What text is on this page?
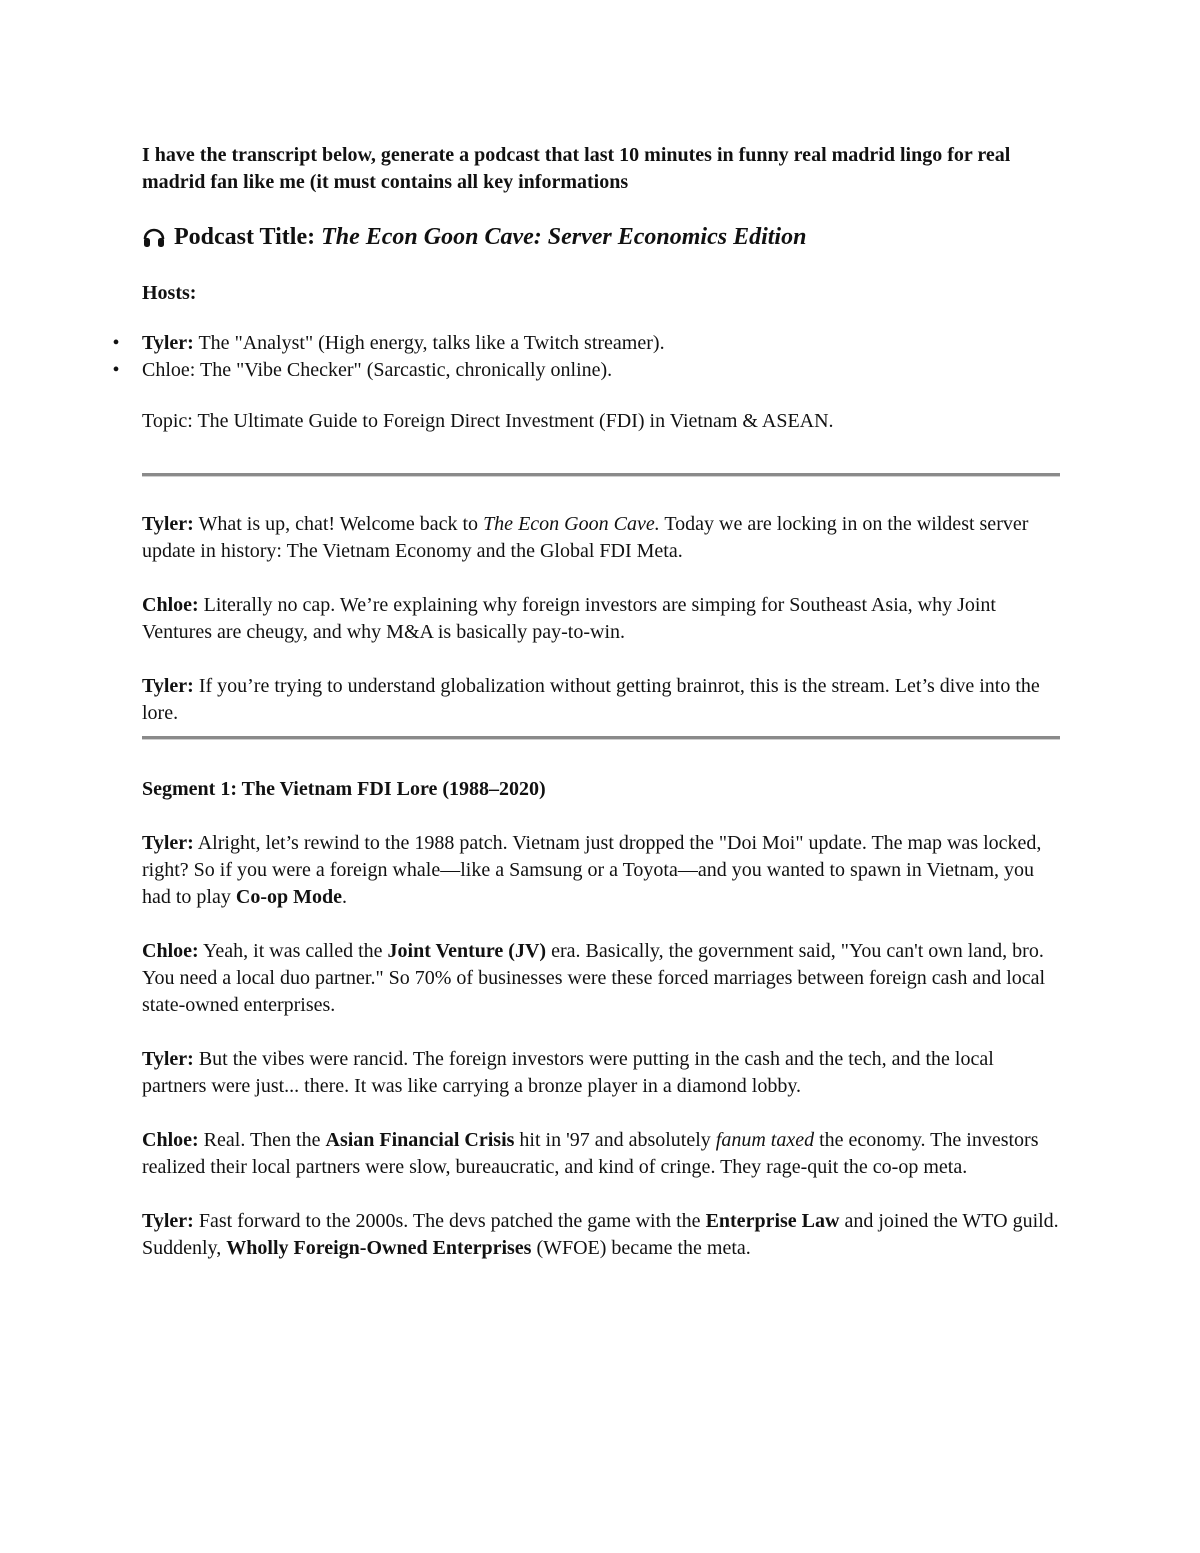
I have the transcript below, generate a podcast that last 10 minutes in funny real madrid lingo for real madrid fan like me (it must contains all key informations

Podcast Title:
The Econ Goon Cave: Server Economics Edition

Hosts:

•	Tyler: The "Analyst" (High energy, talks like a Twitch streamer).
•	Chloe: The "Vibe Checker" (Sarcastic, chronically online).

Topic: The Ultimate Guide to Foreign Direct Investment (FDI) in Vietnam & ASEAN.

Tyler: What is up, chat! Welcome back to The Econ Goon Cave. Today we are locking in on the wildest server update in history: The Vietnam Economy and the Global FDI Meta.

Chloe: Literally no cap. We’re explaining why foreign investors are simping for Southeast Asia, why Joint Ventures are cheugy, and why M&A is basically pay-to-win.

Tyler: If you’re trying to understand globalization without getting brainrot, this is the stream. Let’s dive into the lore.

Segment 1: The Vietnam FDI Lore (1988–2020)

Tyler: Alright, let’s rewind to the 1988 patch. Vietnam just dropped the "Doi Moi" update. The map was locked, right? So if you were a foreign whale—like a Samsung or a Toyota—and you wanted to spawn in Vietnam, you had to play Co-op Mode.

Chloe: Yeah, it was called the Joint Venture (JV) era. Basically, the government said, "You can't own land, bro. You need a local duo partner." So 70% of businesses were these forced marriages between foreign cash and local state-owned enterprises.

Tyler: But the vibes were rancid. The foreign investors were putting in the cash and the tech, and the local partners were just... there. It was like carrying a bronze player in a diamond lobby.

Chloe: Real. Then the Asian Financial Crisis hit in '97 and absolutely fanum taxed the economy. The investors realized their local partners were slow, bureaucratic, and kind of cringe. They rage-quit the co-op meta.

Tyler: Fast forward to the 2000s. The devs patched the game with the Enterprise Law and joined the WTO guild. Suddenly, Wholly Foreign-Owned Enterprises (WFOE) became the meta.
